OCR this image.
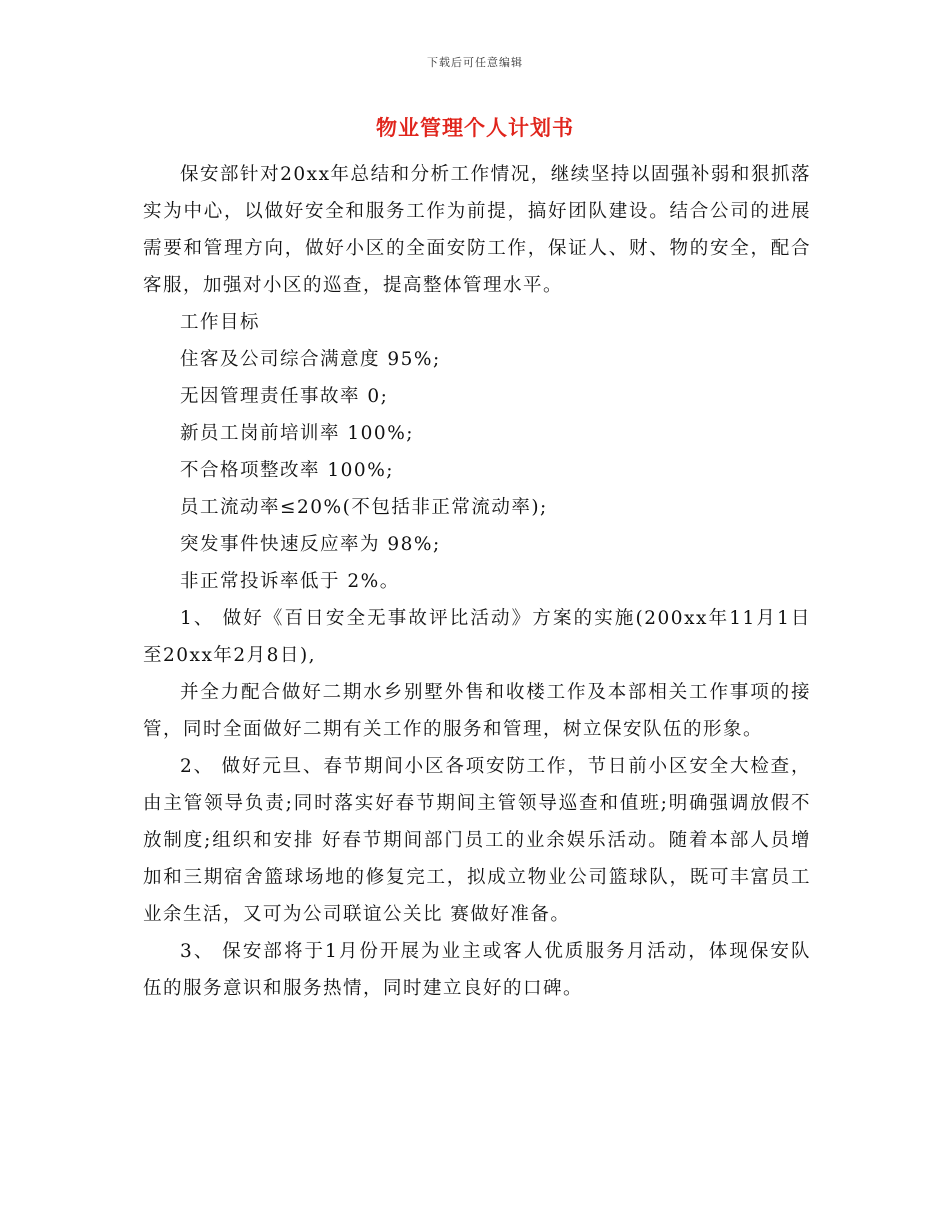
下载后可任意编辑
物业管理个人计划书

保安部针对20xx年总结和分析工作情况，继续坚持以固强补弱和狠抓落实为中心，以做好安全和服务工作为前提，搞好团队建设。结合公司的进展需要和管理方向，做好小区的全面安防工作，保证人、财、物的安全，配合客服，加强对小区的巡查，提高整体管理水平。

工作目标

住客及公司综合满意度 95%;

无因管理责任事故率 0;

新员工岗前培训率 100%;

不合格项整改率 100%;

员工流动率≤20%(不包括非正常流动率);

突发事件快速反应率为 98%;

非正常投诉率低于 2%。

1、 做好《百日安全无事故评比活动》方案的实施(200xx年11月1日至20xx年2月8日),

并全力配合做好二期水乡别墅外售和收楼工作及本部相关工作事项的接管，同时全面做好二期有关工作的服务和管理，树立保安队伍的形象。

2、 做好元旦、春节期间小区各项安防工作，节日前小区安全大检查，由主管领导负责;同时落实好春节期间主管领导巡查和值班;明确强调放假不放制度;组织和安排 好春节期间部门员工的业余娱乐活动。随着本部人员增加和三期宿舍篮球场地的修复完工，拟成立物业公司篮球队，既可丰富员工业余生活，又可为公司联谊公关比 赛做好准备。

3、 保安部将于1月份开展为业主或客人优质服务月活动，体现保安队伍的服务意识和服务热情，同时建立良好的口碑。
